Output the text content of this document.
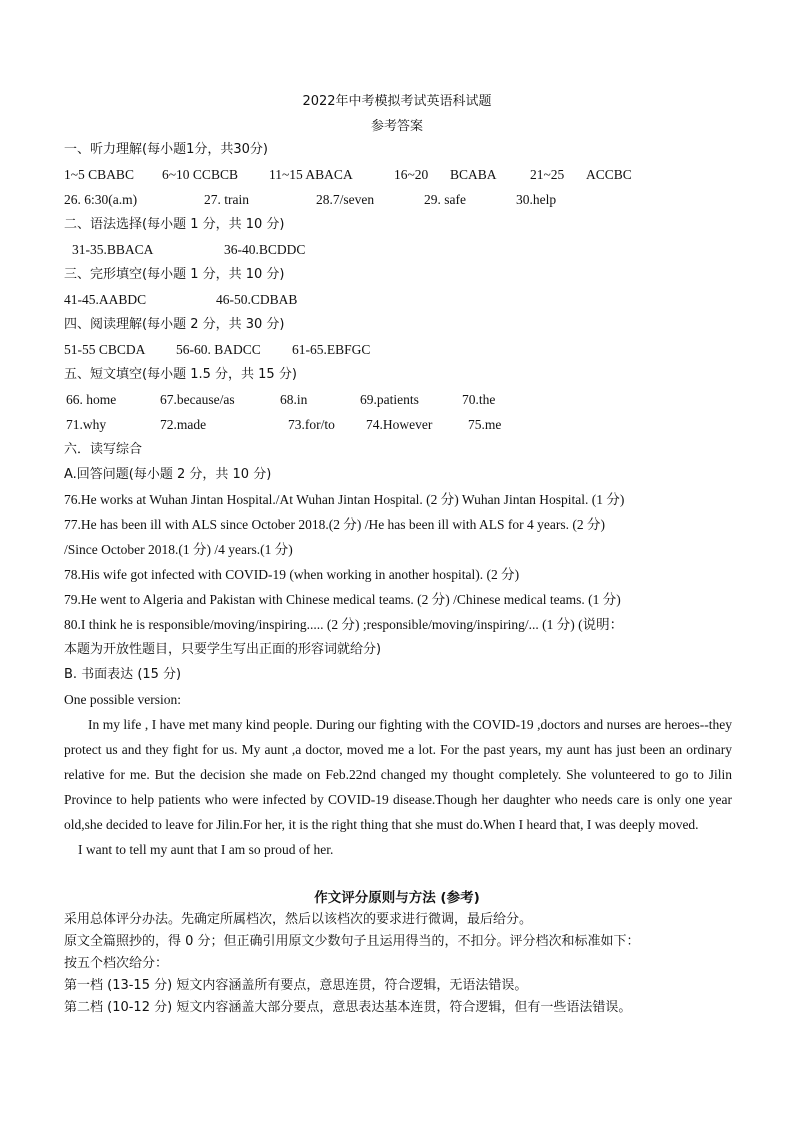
2022年中考模拟考试英语科试题
参考答案
一、听力理解(每小题1分，共30分)
1~5 CBABC 6~10 CCBCB 11~15 ABACA	16~20 BCABA 21~25 ACCBC
26. 6:30(a.m)	27. train	28.7/seven	29. safe	30.help
二、语法选择(每小题 1 分，共 10 分)
31-35.BBACA	36-40.BCDDC
三、完形填空(每小题 1 分，共 10 分)
41-45.AABDC	46-50.CDBAB
四、阅读理解(每小题 2 分，共 30 分)
51-55 CBCDA 56-60. BADCC 61-65.EBFGC
五、短文填空(每小题 1.5 分，共 15 分)
66. home	67.because/as	68.in	69.patients	70.the
71.why	72.made	73.for/to 74.However	75.me
六．读写综合
A.回答问题(每小题 2 分，共 10 分)
76.He works at Wuhan Jintan Hospital./At Wuhan Jintan Hospital. (2 分) Wuhan Jintan Hospital. (1 分)
77.He has been ill with ALS since October 2018.(2 分) /He has been ill with ALS for 4 years. (2 分)
/Since October 2018.(1 分) /4 years.(1 分)
78.His wife got infected with COVID-19 (when working in another hospital). (2 分)
79.He went to Algeria and Pakistan with Chinese medical teams. (2 分) /Chinese medical teams. (1 分)
80.I think he is responsible/moving/inspiring..... (2 分) ;responsible/moving/inspiring/... (1 分) (说明：
本题为开放性题目，只要学生写出正面的形容词就给分)
B. 书面表达 (15 分)
One possible version:

In my life , I have met many kind people. During our fighting with the COVID-19 ,doctors and nurses are heroes--they protect us and they fight for us. My aunt ,a doctor, moved me a lot. For the past years, my aunt has just been an ordinary relative for me. But the decision she made on Feb.22nd changed my thought completely. She volunteered to go to Jilin Province to help patients who were infected by COVID-19 disease.Though her daughter who needs care is only one year old,she decided to leave for Jilin.For her, it is the right thing that she must do.When I heard that, I was deeply moved.

I want to tell my aunt that I am so proud of her.

作文评分原则与方法 (参考)
采用总体评分办法。先确定所属档次，然后以该档次的要求进行微调，最后给分。
原文全篇照抄的，得 0 分；但正确引用原文少数句子且运用得当的，不扣分。评分档次和标准如下：
按五个档次给分：
第一档 (13-15 分) 短文内容涵盖所有要点，意思连贯，符合逻辑，无语法错误。
第二档 (10-12 分) 短文内容涵盖大部分要点，意思表达基本连贯，符合逻辑，但有一些语法错误。
